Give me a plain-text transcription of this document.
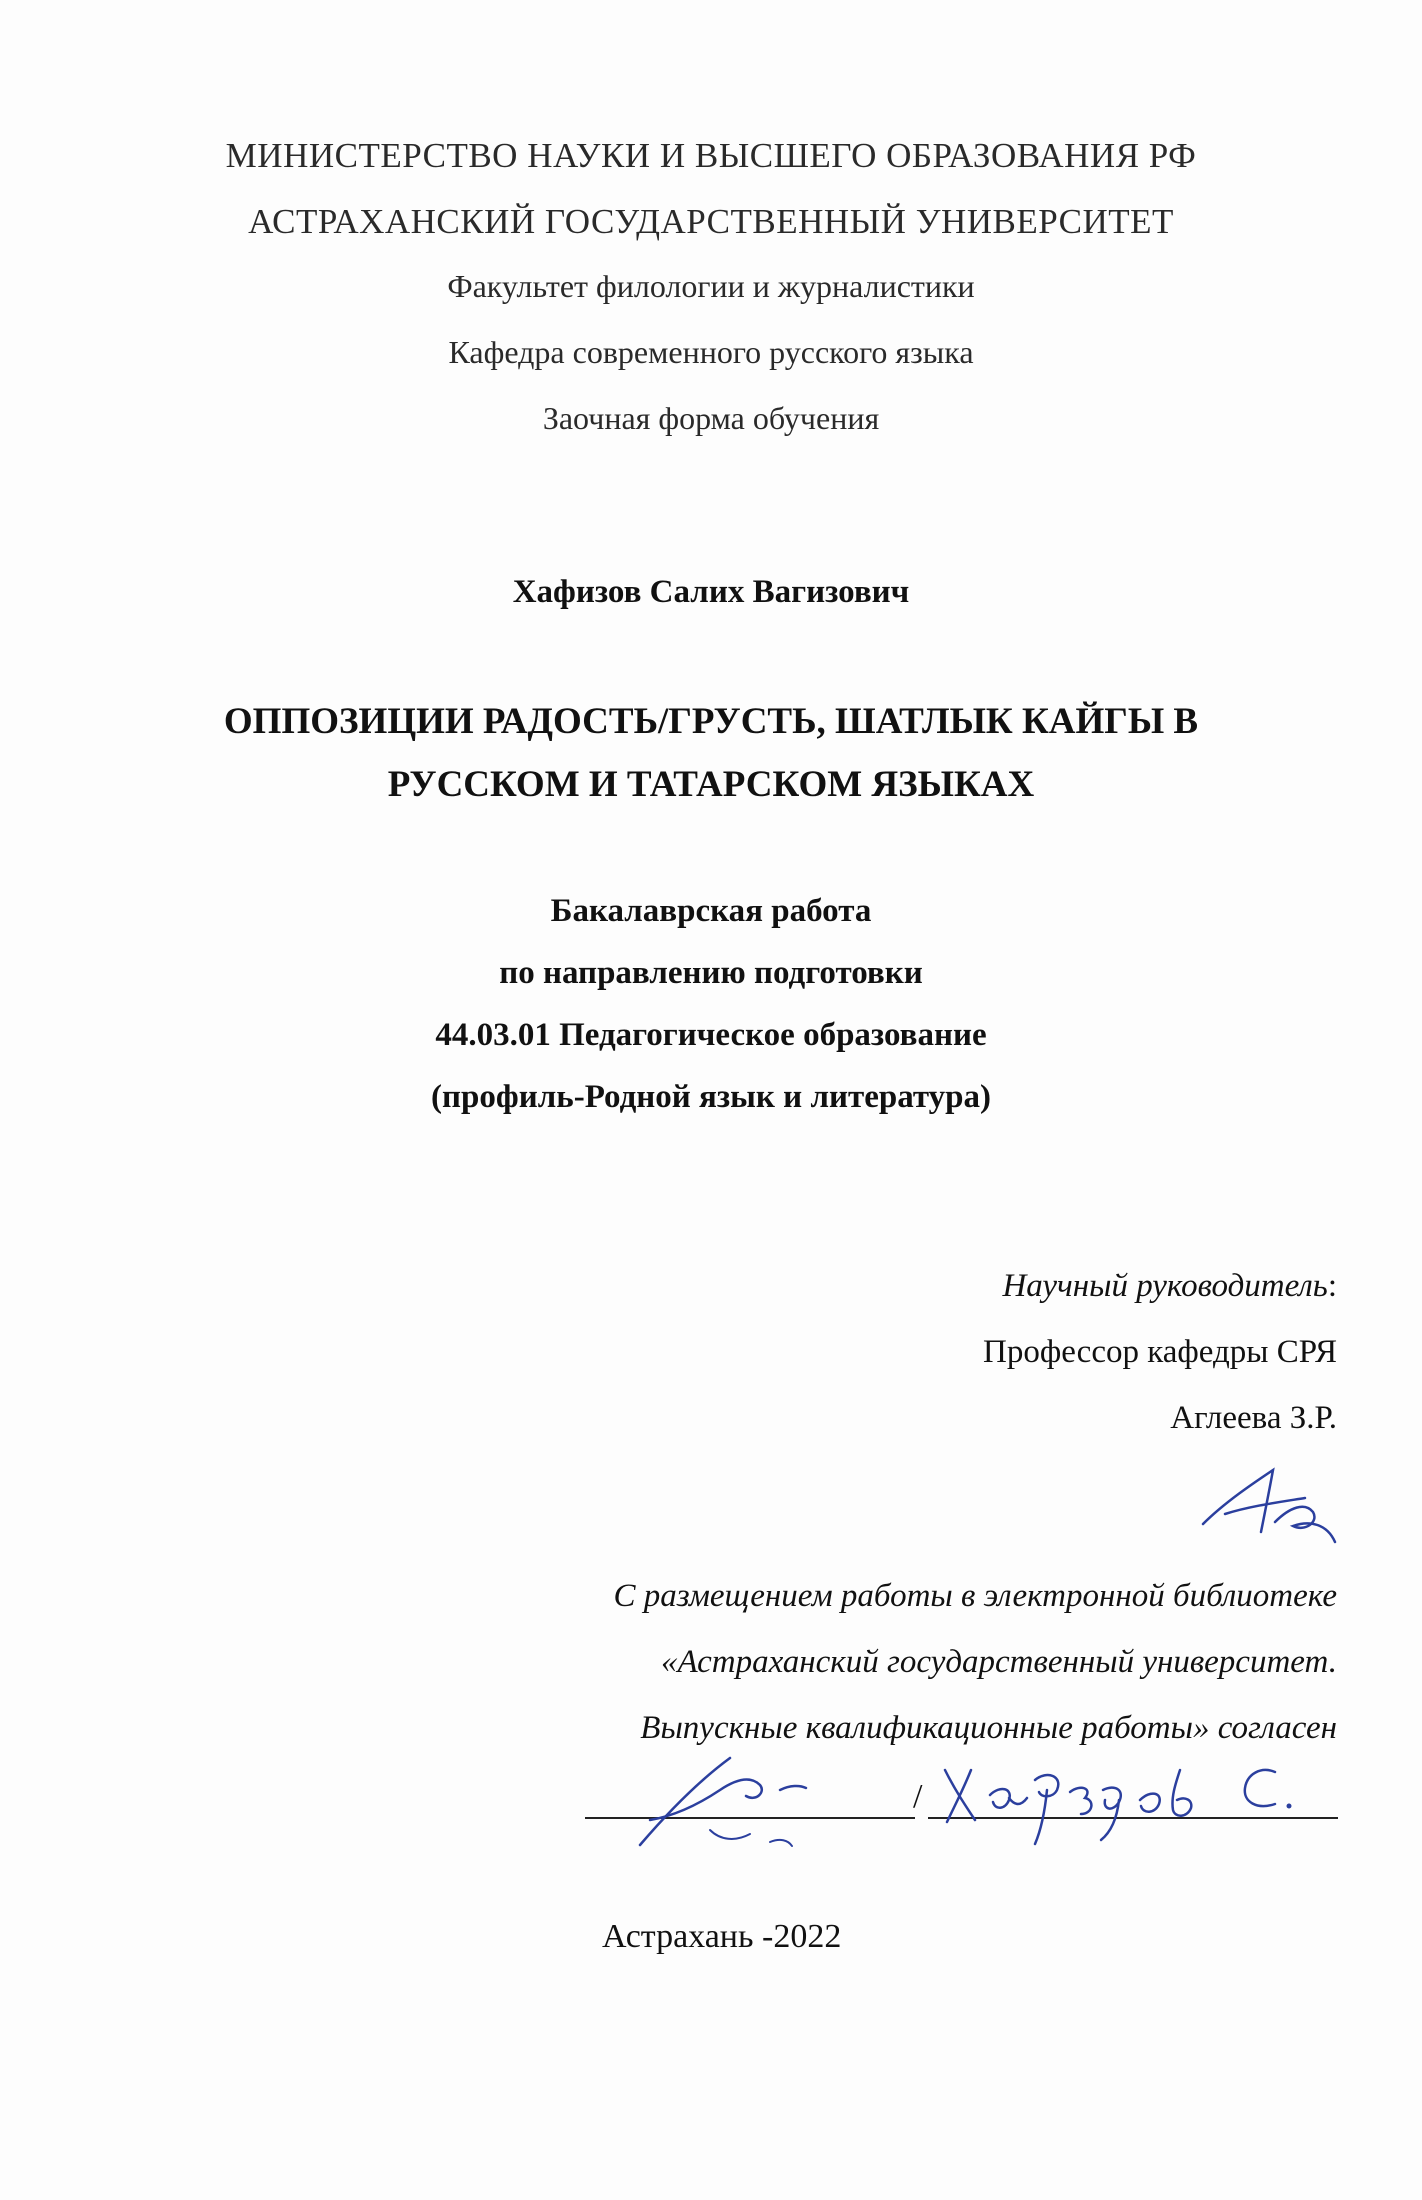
МИНИСТЕРСТВО НАУКИ И ВЫСШЕГО ОБРАЗОВАНИЯ РФ
АСТРАХАНСКИЙ ГОСУДАРСТВЕННЫЙ УНИВЕРСИТЕТ
Факультет филологии и журналистики
Кафедра современного русского языка
Заочная форма обучения
Хафизов Салих Вагизович
ОППОЗИЦИИ РАДОСТЬ/ГРУСТЬ, ШАТЛЫК КАЙГЫ В
РУССКОМ И ТАТАРСКОМ ЯЗЫКАХ
Бакалаврская работа
по направлению подготовки
44.03.01 Педагогическое образование
(профиль-Родной язык и литература)
Научный руководитель:
Профессор кафедры СРЯ
Аглеева З.Р.
С размещением работы в электронной библиотеке
«Астраханский государственный университет.
Выпускные квалификационные работы» согласен
/
Астрахань -2022
